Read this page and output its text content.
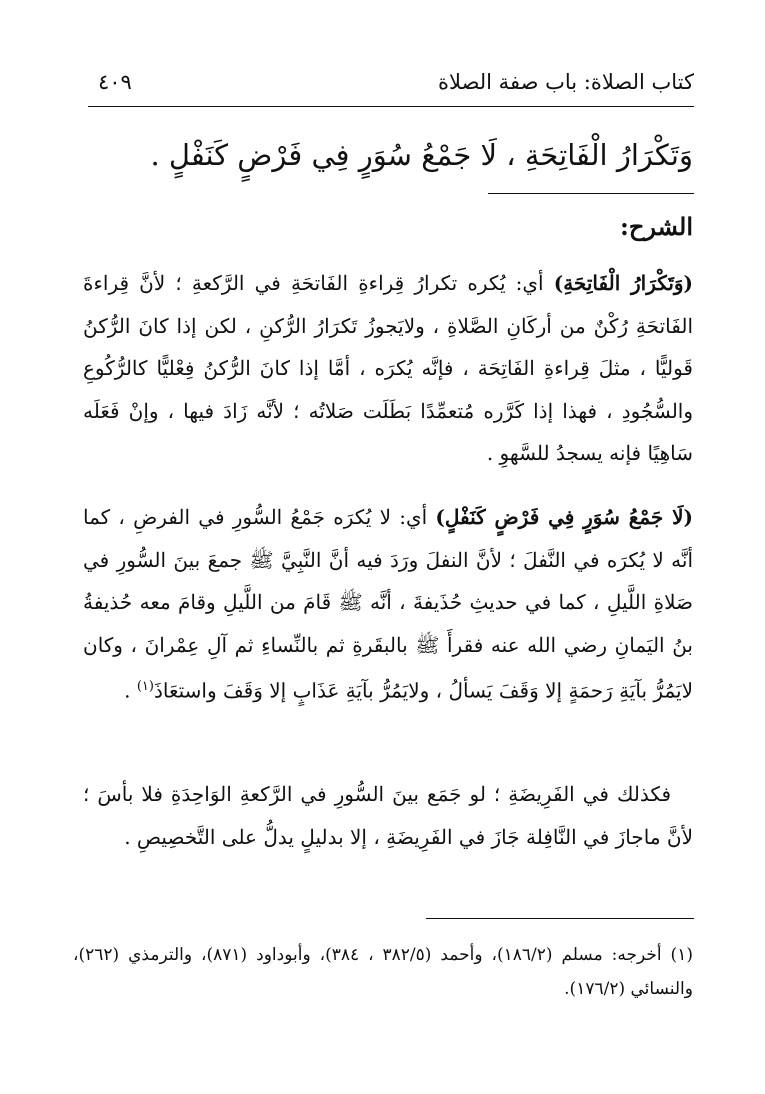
كتاب الصلاة: باب صفة الصلاة
٤٠٩
وَتَكْرَارُ الْفَاتِحَةِ ، لَا جَمْعُ سُوَرٍ فِي فَرْضٍ كَنَفْلٍ .
الشرح:

(وَتَكْرَارُ الْفَاتِحَةِ) أي: يُكره تكرارُ قِراءةِ الفَاتحَةِ في الرَّكعةِ ؛ لأنَّ قِراءةَ الفَاتحَةِ رُكْنٌ من أركَانِ الصَّلاةِ ، ولايَجوزُ تَكرَارُ الرُّكنِ ، لكن إذا كانَ الرُّكنُ قَوليًّا ، مثلَ قِراءةِ الفَاتِحَة ، فإنَّه يُكرَه ، أمَّا إذا كانَ الرُّكنُ فِعْليًّا كالرُّكُوعِ والسُّجُودِ ، فهذا إذا كَرَّره مُتعمِّدًا بَطَلَت صَلاتُه ؛ لأنَّه زَادَ فيها ، وإنْ فَعَلَه سَاهِيًا فإنه يسجدُ للسَّهوِ .

(لَا جَمْعُ سُوَرٍ فِي فَرْضٍ كَنَفْلٍ) أي: لا يُكرَه جَمْعُ السُّورِ في الفرضِ ، كما أنَّه لا يُكرَه في النَّفلَ ؛ لأنَّ النفلَ ورَدَ فيه أنَّ النَّبِيَّ ﷺ جمعَ بينَ السُّورِ في صَلاةِ اللَّيلِ ، كما في حديثِ حُذَيفةَ ، أنَّه ﷺ قَامَ من اللَّيلِ وقامَ معه حُذيفةُ بنُ اليَمانِ رضي الله عنه فقرأَ ﷺ بالبقَرةِ ثم بالنِّساءِ ثم آلِ عِمْرانَ ، وكان لايَمُرُّ بآيَةِ رَحمَةٍ إلا وَقَفَ يَسألُ ، ولايَمُرُّ بآيَةِ عَذَابٍ إلا وَقَفَ واستعَاذَ$^{(١)}$ .

فكذلك في الفَرِيضَةِ ؛ لو جَمَع بينَ السُّورِ في الرَّكعةِ الوَاحِدَةِ فلا بأسَ ؛ لأنَّ ماجازَ في النَّافِلة جَازَ في الفَرِيضَةِ ، إلا بدليلٍ يدلُّ على التَّخصِيصِ .

(١) أخرجه: مسلم (١٨٦/٢)، وأحمد (٣٨٢/٥ ، ٣٨٤)، وأبوداود (٨٧١)، والترمذي (٢٦٢)، والنسائي (١٧٦/٢).
